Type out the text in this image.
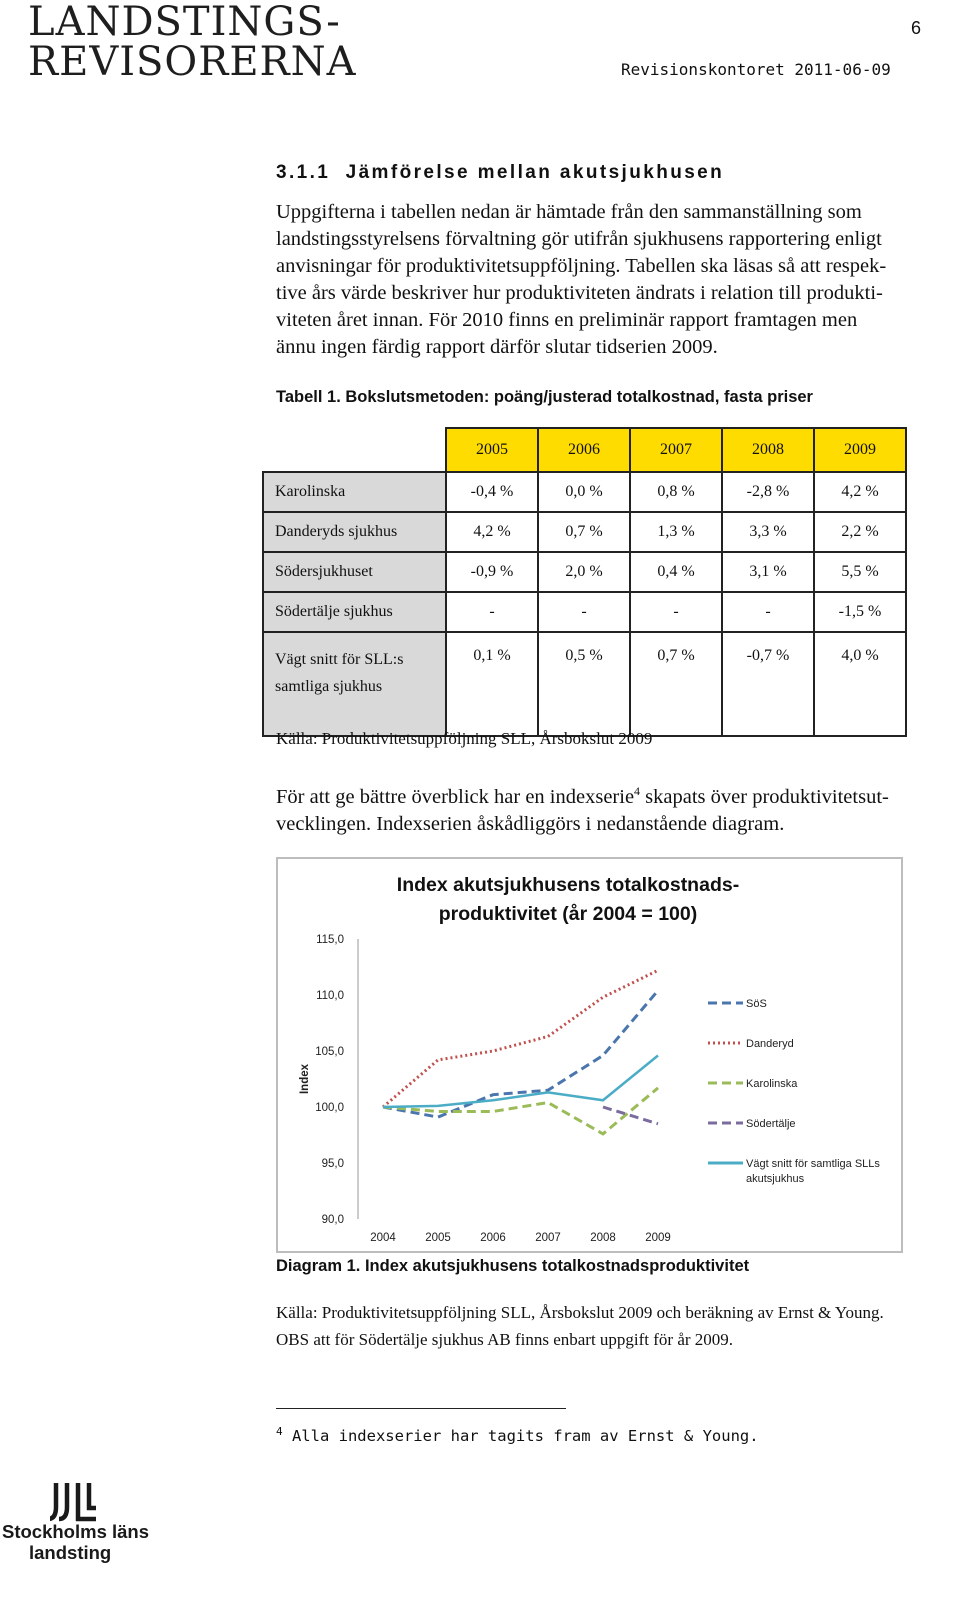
LANDSTINGS-
REVISORERNA
6
Revisionskontoret 2011-06-09
3.1.1 Jämförelse mellan akutsjukhusen

Uppgifterna i tabellen nedan är hämtade från den sammanställning som

landstingsstyrelsens förvaltning gör utifrån sjukhusens rapportering enligt

anvisningar för produktivitetsuppföljning. Tabellen ska läsas så att respek-

tive års värde beskriver hur produktiviteten ändrats i relation till produkti-

viteten året innan. För 2010 finns en preliminär rapport framtagen men

ännu ingen färdig rapport därför slutar tidserien 2009.

Tabell 1. Bokslutsmetoden: poäng/justerad totalkostnad, fasta priser
	2005	2006	2007	2008	2009
Karolinska	-0,4 %	0,0 %	0,8 %	-2,8 %	4,2 %
Danderyds sjukhus	4,2 %	0,7 %	1,3 %	3,3 %	2,2 %
Södersjukhuset	-0,9 %	2,0 %	0,4 %	3,1 %	5,5 %
Södertälje sjukhus	-	-	-	-	-1,5 %
Vägt snitt för SLL:s
samtliga sjukhus	0,1 %	0,5 %	0,7 %	-0,7 %	4,0 %
Källa: Produktivitetsuppföljning SLL, Årsbokslut 2009

För att ge bättre överblick har en indexserie$^4$ skapats över produktivitetsut-

vecklingen. Indexserien åskådliggörs i nedanstående diagram.

Index akutsjukhusens totalkostnads-
produktivitet (år 2004 = 100)
115,0
110,0
105,0
100,0
95,0
90,0
2004	2005	2006	2007	2008	2009
Index
SöS
Danderyd
Karolinska
Södertälje
Vägt snitt för samtliga SLLs
akutsjukhus
Diagram 1. Index akutsjukhusens totalkostnadsproduktivitet
Källa: Produktivitetsuppföljning SLL, Årsbokslut 2009 och beräkning av Ernst & Young.
OBS att för Södertälje sjukhus AB finns enbart uppgift för år 2009.
$^4$ Alla indexserier har tagits fram av Ernst & Young.
Stockholms läns
landsting
